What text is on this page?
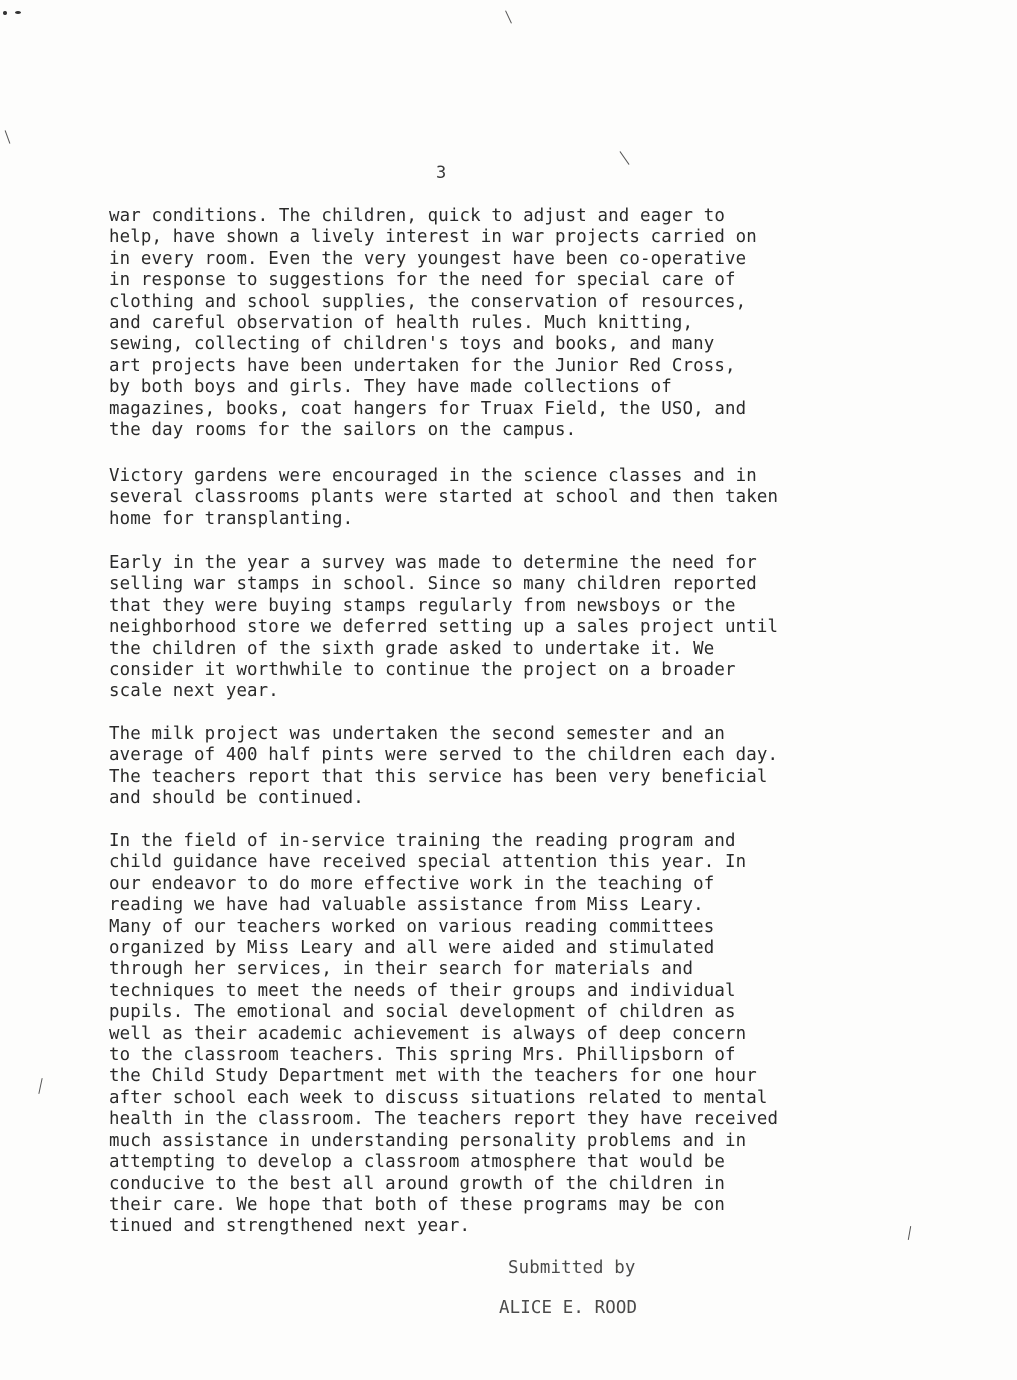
3

war conditions. The children, quick to adjust and eager to
help, have shown a lively interest in war projects carried on
in every room. Even the very youngest have been co-operative
in response to suggestions for the need for special care of
clothing and school supplies, the conservation of resources,
and careful observation of health rules. Much knitting,
sewing, collecting of children's toys and books, and many
art projects have been undertaken for the Junior Red Cross,
by both boys and girls. They have made collections of
magazines, books, coat hangers for Truax Field, the USO, and
the day rooms for the sailors on the campus.

Victory gardens were encouraged in the science classes and in
several classrooms plants were started at school and then taken
home for transplanting.

Early in the year a survey was made to determine the need for
selling war stamps in school. Since so many children reported
that they were buying stamps regularly from newsboys or the
neighborhood store we deferred setting up a sales project until
the children of the sixth grade asked to undertake it. We
consider it worthwhile to continue the project on a broader
scale next year.

The milk project was undertaken the second semester and an
average of 400 half pints were served to the children each day.
The teachers report that this service has been very beneficial
and should be continued.

In the field of in-service training the reading program and
child guidance have received special attention this year. In
our endeavor to do more effective work in the teaching of
reading we have had valuable assistance from Miss Leary.
Many of our teachers worked on various reading committees
organized by Miss Leary and all were aided and stimulated
through her services, in their search for materials and
techniques to meet the needs of their groups and individual
pupils. The emotional and social development of children as
well as their academic achievement is always of deep concern
to the classroom teachers. This spring Mrs. Phillipsborn of
the Child Study Department met with the teachers for one hour
after school each week to discuss situations related to mental
health in the classroom. The teachers report they have received
much assistance in understanding personality problems and in
attempting to develop a classroom atmosphere that would be
conducive to the best all around growth of the children in
their care. We hope that both of these programs may be con
tinued and strengthened next year.

Submitted by

ALICE E. ROOD
